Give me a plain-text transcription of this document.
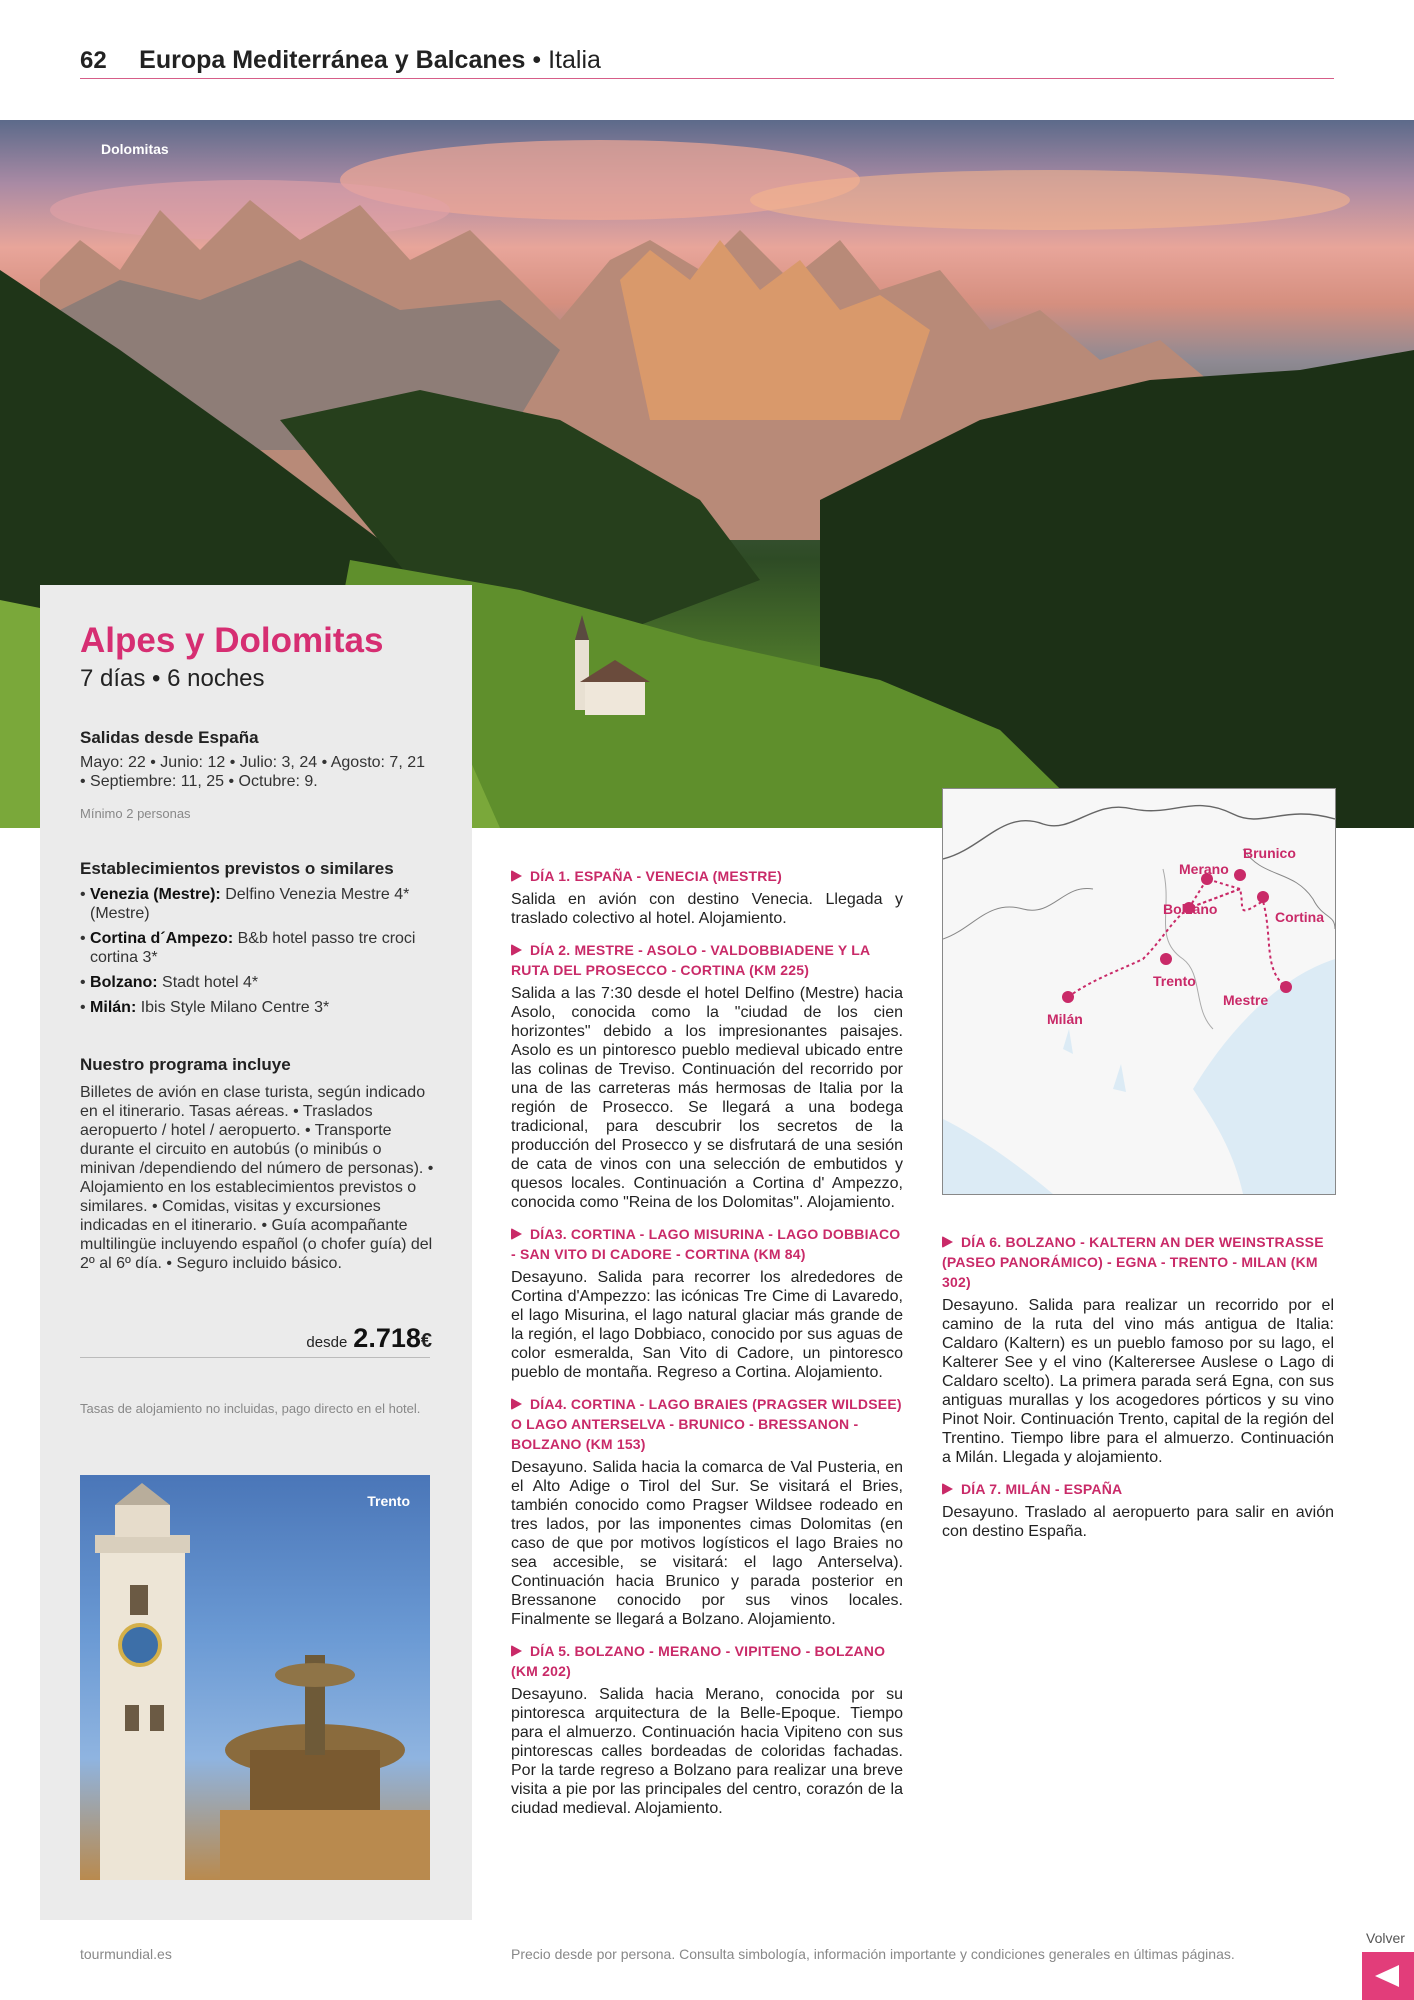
62 Europa Mediterránea y Balcanes • Italia
Dolomitas
Alpes y Dolomitas
7 días • 6 noches
Salidas desde España
Mayo: 22 • Junio: 12 • Julio: 3, 24 • Agosto: 7, 21 • Septiembre: 11, 25 • Octubre: 9.
Mínimo 2 personas
Establecimientos previstos o similares
• Venezia (Mestre): Delfino Venezia Mestre 4* (Mestre)
• Cortina d´Ampezo: B&b hotel passo tre croci cortina 3*
• Bolzano: Stadt hotel 4*
• Milán: Ibis Style Milano Centre 3*
Nuestro programa incluye
Billetes de avión en clase turista, según indicado en el itinerario. Tasas aéreas. • Traslados aeropuerto / hotel / aeropuerto. • Transporte durante el circuito en autobús (o minibús o minivan /dependiendo del número de personas). • Alojamiento en los establecimientos previstos o similares. • Comidas, visitas y excursiones indicadas en el itinerario. • Guía acompañante multilingüe incluyendo español (o chofer guía) del 2º al 6º día. • Seguro incluido básico.
desde 2.718€
Tasas de alojamiento no incluidas, pago directo en el hotel.
Trento
DÍA 1. ESPAÑA - VENECIA (MESTRE)
Salida en avión con destino Venecia. Llegada y traslado colectivo al hotel. Alojamiento.
DÍA 2. MESTRE - ASOLO - VALDOBBIADENE Y LA RUTA DEL PROSECCO - CORTINA (KM 225)
Salida a las 7:30 desde el hotel Delfino (Mestre) hacia Asolo, conocida como la "ciudad de los cien horizontes" debido a los impresionantes paisajes. Asolo es un pintoresco pueblo medieval ubicado entre las colinas de Treviso. Continuación del recorrido por una de las carreteras más hermosas de Italia por la región de Prosecco. Se llegará a una bodega tradicional, para descubrir los secretos de la producción del Prosecco y se disfrutará de una sesión de cata de vinos con una selección de embutidos y quesos locales. Continuación a Cortina d' Ampezzo, conocida como "Reina de los Dolomitas". Alojamiento.
DÍA3. CORTINA - LAGO MISURINA - LAGO DOBBIACO - SAN VITO DI CADORE - CORTINA (KM 84)
Desayuno. Salida para recorrer los alrededores de Cortina d'Ampezzo: las icónicas Tre Cime di Lavaredo, el lago Misurina, el lago natural glaciar más grande de la región, el lago Dobbiaco, conocido por sus aguas de color esmeralda, San Vito di Cadore, un pintoresco pueblo de montaña. Regreso a Cortina. Alojamiento.
DÍA4. CORTINA - LAGO BRAIES (PRAGSER WILDSEE) O LAGO ANTERSELVA - BRUNICO - BRESSANON - BOLZANO (KM 153)
Desayuno. Salida hacia la comarca de Val Pusteria, en el Alto Adige o Tirol del Sur. Se visitará el Bries, también conocido como Pragser Wildsee rodeado en tres lados, por las imponentes cimas Dolomitas (en caso de que por motivos logísticos el lago Braies no sea accesible, se visitará: el lago Anterselva). Continuación hacia Brunico y parada posterior en Bressanone conocido por sus vinos locales. Finalmente se llegará a Bolzano. Alojamiento.
DÍA 5. BOLZANO - MERANO - VIPITENO - BOLZANO (KM 202)
Desayuno. Salida hacia Merano, conocida por su pintoresca arquitectura de la Belle-Epoque. Tiempo para el almuerzo. Continuación hacia Vipiteno con sus pintorescas calles bordeadas de coloridas fachadas. Por la tarde regreso a Bolzano para realizar una breve visita a pie por las principales del centro, corazón de la ciudad medieval. Alojamiento.
Brunico
Merano
Bolzano	Cortina
Trento
Mestre
Milán
DÍA 6. BOLZANO - KALTERN AN DER WEINSTRASSE (PASEO PANORÁMICO) - EGNA - TRENTO - MILAN (KM 302)
Desayuno. Salida para realizar un recorrido por el camino de la ruta del vino más antigua de Italia: Caldaro (Kaltern) es un pueblo famoso por su lago, el Kalterer See y el vino (Kalterersee Auslese o Lago di Caldaro scelto). La primera parada será Egna, con sus antiguas murallas y los acogedores pórticos y su vino Pinot Noir. Continuación Trento, capital de la región del Trentino. Tiempo libre para el almuerzo. Continuación a Milán. Llegada y alojamiento.
DÍA 7. MILÁN - ESPAÑA
Desayuno. Traslado al aeropuerto para salir en avión con destino España.
tourmundial.es	Precio desde por persona. Consulta simbología, información importante y condiciones generales en últimas páginas.
Volver
